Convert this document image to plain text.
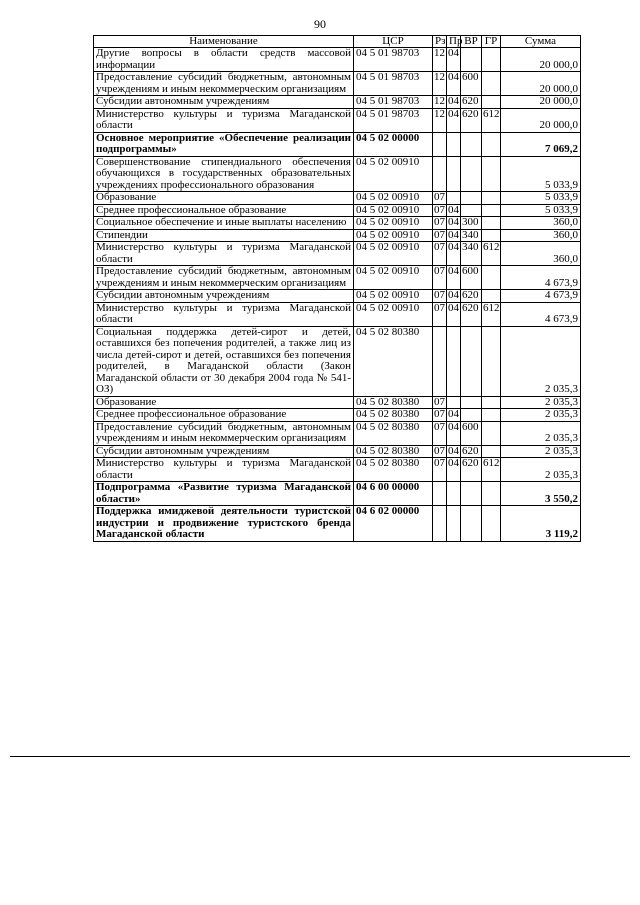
90
Наименование	ЦСР	Рз	Пр	ВР	ГР	Сумма
Другие вопросы в области средств массовой информации	04 5 01 98703	12	04			20 000,0
Предоставление субсидий бюджетным, автономным учреждениям и иным некоммерческим организациям	04 5 01 98703	12	04	600		20 000,0
Субсидии автономным учреждениям	04 5 01 98703	12	04	620		20 000,0
Министерство культуры и туризма Магаданской области	04 5 01 98703	12	04	620	612	20 000,0
Основное мероприятие «Обеспечение реализации подпрограммы»	04 5 02 00000					7 069,2
Совершенствование стипендиального обеспечения обучающихся в государственных образовательных учреждениях профессионального образования	04 5 02 00910					5 033,9
Образование	04 5 02 00910	07				5 033,9
Среднее профессиональное образование	04 5 02 00910	07	04			5 033,9
Социальное обеспечение и иные выплаты населению	04 5 02 00910	07	04	300		360,0
Стипендии	04 5 02 00910	07	04	340		360,0
Министерство культуры и туризма Магаданской области	04 5 02 00910	07	04	340	612	360,0
Предоставление субсидий бюджетным, автономным учреждениям и иным некоммерческим организациям	04 5 02 00910	07	04	600		4 673,9
Субсидии автономным учреждениям	04 5 02 00910	07	04	620		4 673,9
Министерство культуры и туризма Магаданской области	04 5 02 00910	07	04	620	612	4 673,9
Социальная поддержка детей-сирот и детей, оставшихся без попечения родителей, а также лиц из числа детей-сирот и детей, оставшихся без попечения родителей, в Магаданской области (Закон Магаданской области от 30 декабря 2004 года № 541-ОЗ)	04 5 02 80380					2 035,3
Образование	04 5 02 80380	07				2 035,3
Среднее профессиональное образование	04 5 02 80380	07	04			2 035,3
Предоставление субсидий бюджетным, автономным учреждениям и иным некоммерческим организациям	04 5 02 80380	07	04	600		2 035,3
Субсидии автономным учреждениям	04 5 02 80380	07	04	620		2 035,3
Министерство культуры и туризма Магаданской области	04 5 02 80380	07	04	620	612	2 035,3
Подпрограмма «Развитие туризма Магаданской области»	04 6 00 00000					3 550,2
Поддержка имиджевой деятельности туристской индустрии и продвижение туристского бренда Магаданской области	04 6 02 00000					3 119,2
